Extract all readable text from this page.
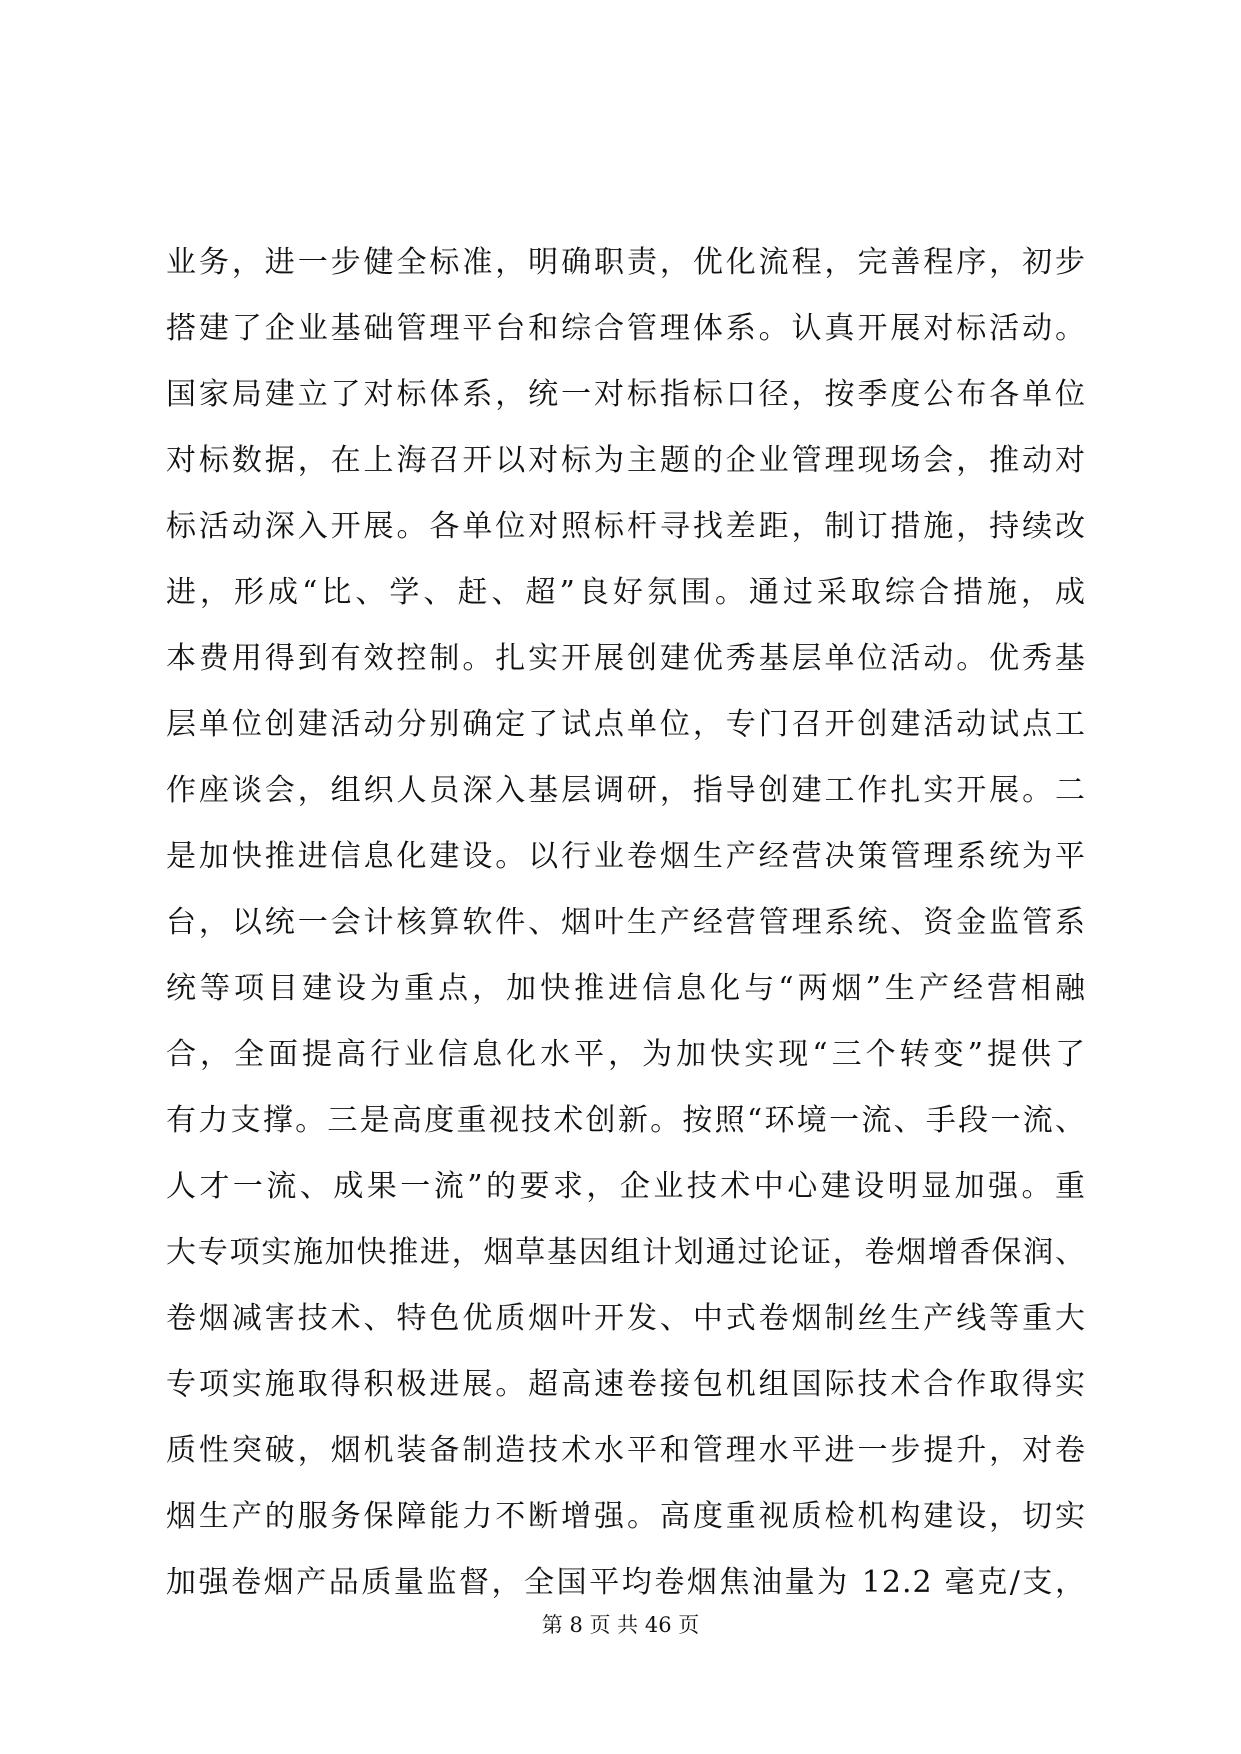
业务，进一步健全标准，明确职责，优化流程，完善程序，初步
搭建了企业基础管理平台和综合管理体系。认真开展对标活动。
国家局建立了对标体系，统一对标指标口径，按季度公布各单位
对标数据，在上海召开以对标为主题的企业管理现场会，推动对
标活动深入开展。各单位对照标杆寻找差距，制订措施，持续改
进，形成“比、学、赶、超”良好氛围。通过采取综合措施，成
本费用得到有效控制。扎实开展创建优秀基层单位活动。优秀基
层单位创建活动分别确定了试点单位，专门召开创建活动试点工
作座谈会，组织人员深入基层调研，指导创建工作扎实开展。二
是加快推进信息化建设。以行业卷烟生产经营决策管理系统为平
台，以统一会计核算软件、烟叶生产经营管理系统、资金监管系
统等项目建设为重点，加快推进信息化与“两烟”生产经营相融
合，全面提高行业信息化水平，为加快实现“三个转变”提供了
有力支撑。三是高度重视技术创新。按照“环境一流、手段一流、
人才一流、成果一流”的要求，企业技术中心建设明显加强。重
大专项实施加快推进，烟草基因组计划通过论证，卷烟增香保润、
卷烟减害技术、特色优质烟叶开发、中式卷烟制丝生产线等重大
专项实施取得积极进展。超高速卷接包机组国际技术合作取得实
质性突破，烟机装备制造技术水平和管理水平进一步提升，对卷
烟生产的服务保障能力不断增强。高度重视质检机构建设，切实
加强卷烟产品质量监督，全国平均卷烟焦油量为 12.2 毫克/支，
第 8 页 共 46 页
